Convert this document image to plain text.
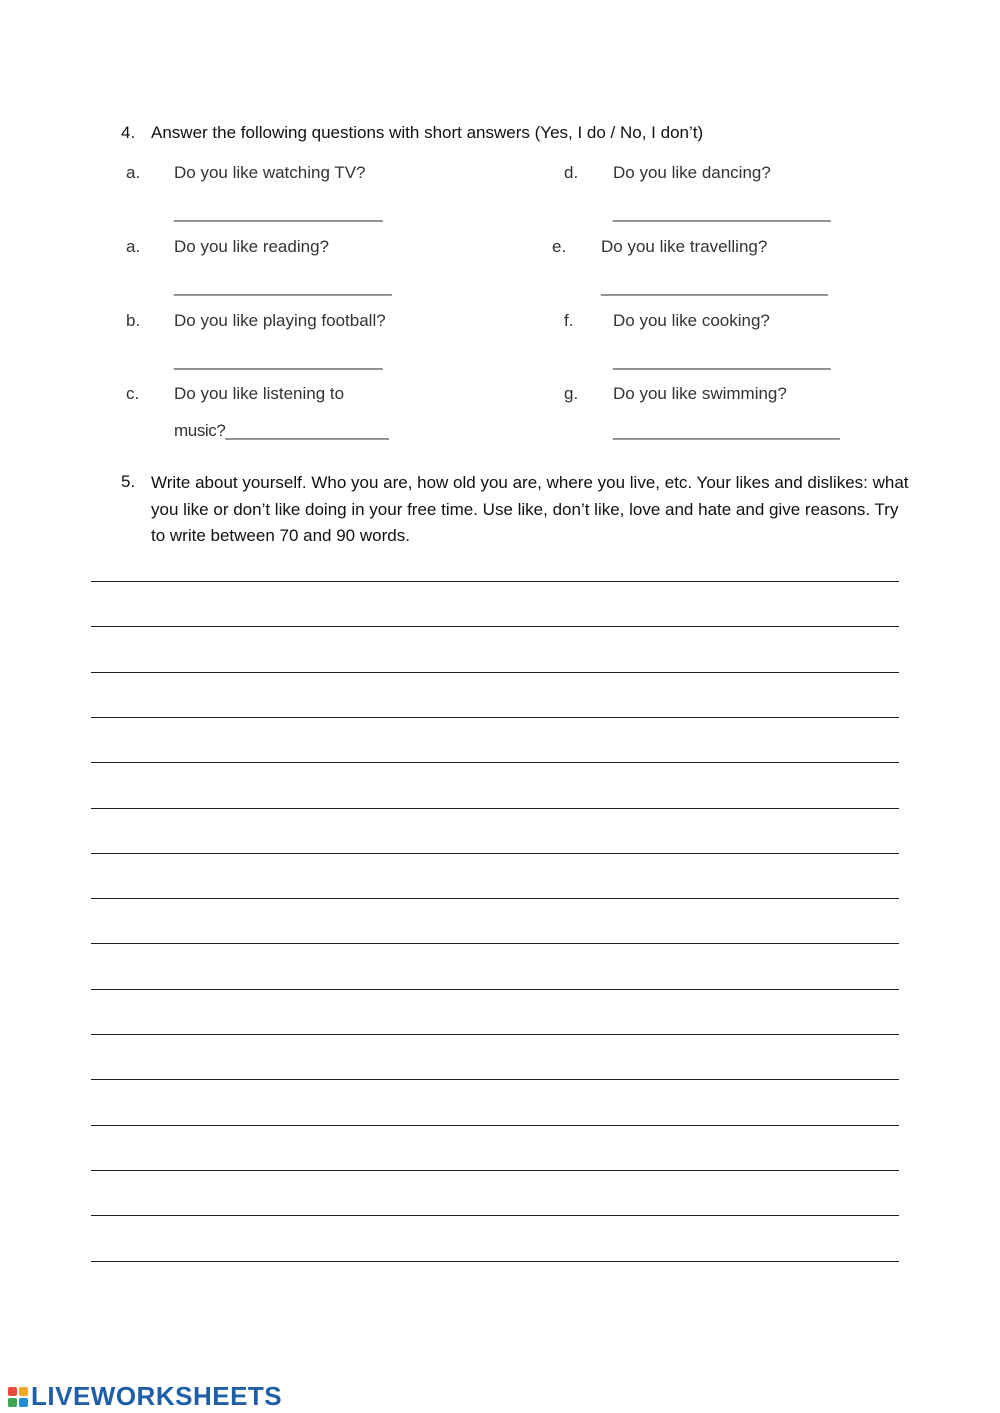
4. Answer the following questions with short answers (Yes, I do / No, I don’t)
a. Do you like watching TV?
_______________________
a. Do you like reading?
________________________
b. Do you like playing football?
_______________________
c. Do you like listening to
music?__________________
d. Do you like dancing?
________________________
e. Do you like travelling?
_________________________
f. Do you like cooking?
________________________
g. Do you like swimming?
_________________________
5. Write about yourself. Who you are, how old you are, where you live, etc. Your likes and dislikes: what you like or don’t like doing in your free time. Use like, don’t like, love and hate and give reasons. Try to write between 70 and 90 words.
LIVEWORKSHEETS
